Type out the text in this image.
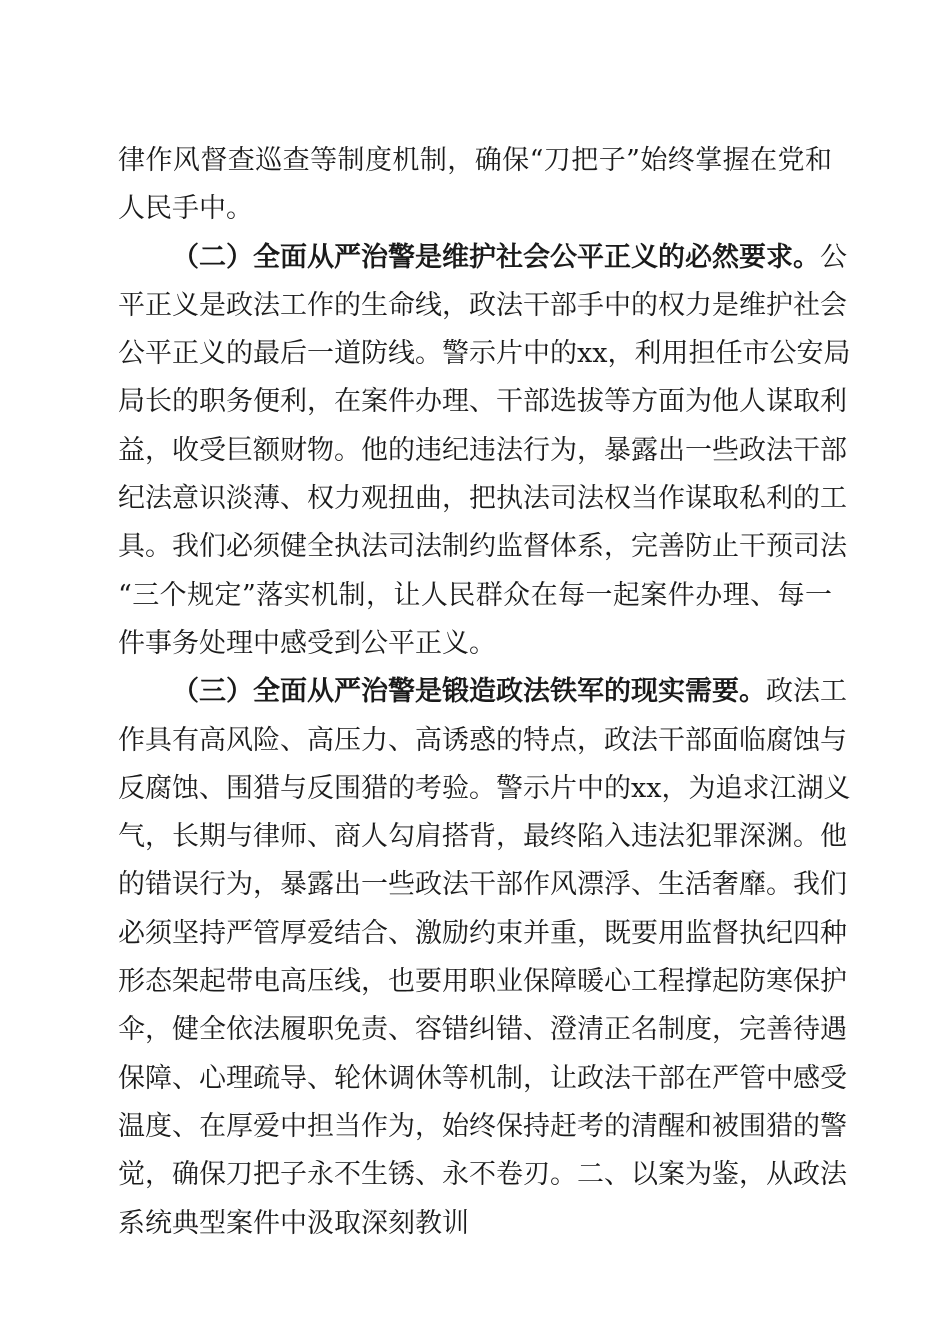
律作风督查巡查等制度机制，确保“刀把子”始终掌握在党和
人民手中。
（二）全面从严治警是维护社会公平正义的必然要求。公
平正义是政法工作的生命线，政法干部手中的权力是维护社会
公平正义的最后一道防线。警示片中的xx，利用担任市公安局
局长的职务便利，在案件办理、干部选拔等方面为他人谋取利
益，收受巨额财物。他的违纪违法行为，暴露出一些政法干部
纪法意识淡薄、权力观扭曲，把执法司法权当作谋取私利的工
具。我们必须健全执法司法制约监督体系，完善防止干预司法
“三个规定”落实机制，让人民群众在每一起案件办理、每一
件事务处理中感受到公平正义。
（三）全面从严治警是锻造政法铁军的现实需要。政法工
作具有高风险、高压力、高诱惑的特点，政法干部面临腐蚀与
反腐蚀、围猎与反围猎的考验。警示片中的xx，为追求江湖义
气，长期与律师、商人勾肩搭背，最终陷入违法犯罪深渊。他
的错误行为，暴露出一些政法干部作风漂浮、生活奢靡。我们
必须坚持严管厚爱结合、激励约束并重，既要用监督执纪四种
形态架起带电高压线，也要用职业保障暖心工程撑起防寒保护
伞，健全依法履职免责、容错纠错、澄清正名制度，完善待遇
保障、心理疏导、轮休调休等机制，让政法干部在严管中感受
温度、在厚爱中担当作为，始终保持赶考的清醒和被围猎的警
觉，确保刀把子永不生锈、永不卷刃。二、以案为鉴，从政法
系统典型案件中汲取深刻教训
